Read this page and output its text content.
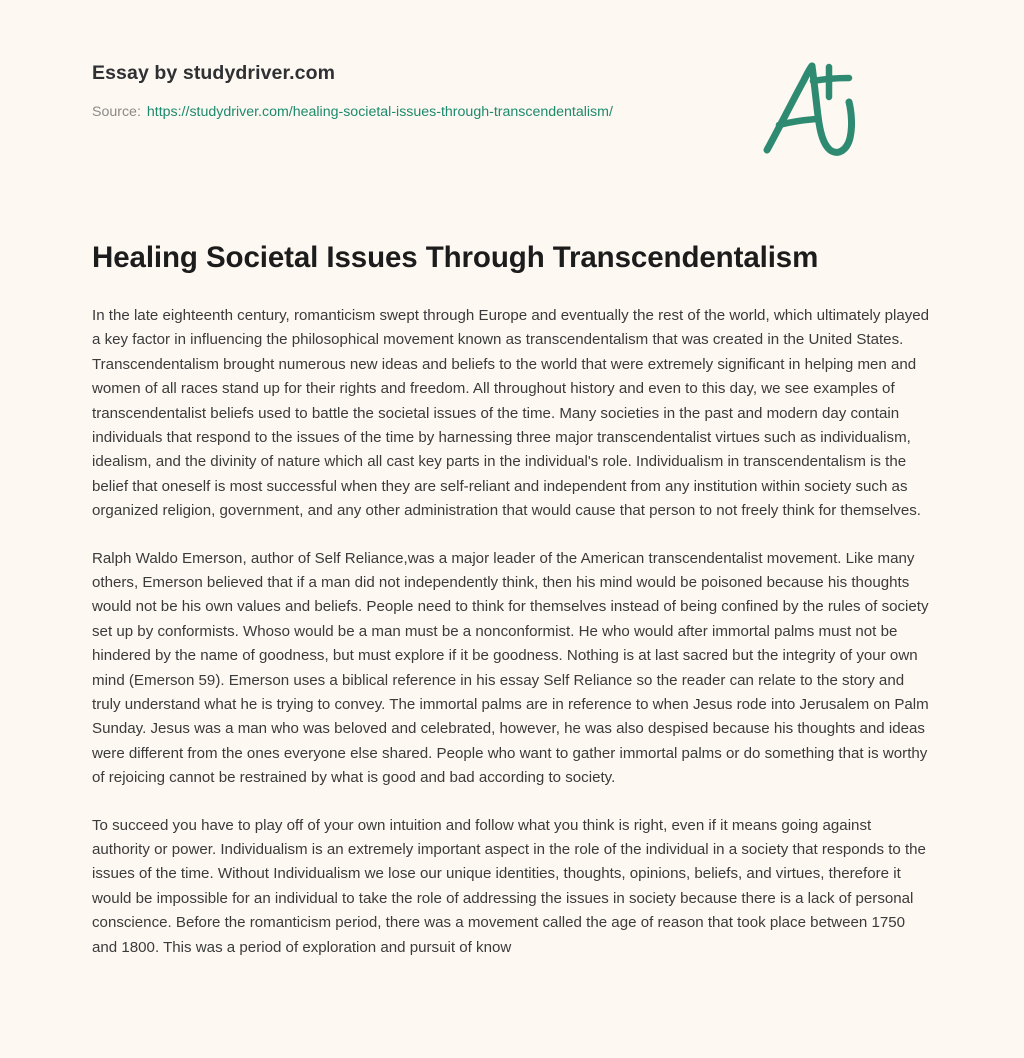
Essay by studydriver.com
Source: https://studydriver.com/healing-societal-issues-through-transcendentalism/
Healing Societal Issues Through Transcendentalism

In the late eighteenth century, romanticism swept through Europe and eventually the rest of the world, which ultimately played a key factor in influencing the philosophical movement known as transcendentalism that was created in the United States. Transcendentalism brought numerous new ideas and beliefs to the world that were extremely significant in helping men and women of all races stand up for their rights and freedom. All throughout history and even to this day, we see examples of transcendentalist beliefs used to battle the societal issues of the time. Many societies in the past and modern day contain individuals that respond to the issues of the time by harnessing three major transcendentalist virtues such as individualism, idealism, and the divinity of nature which all cast key parts in the individual's role. Individualism in transcendentalism is the belief that oneself is most successful when they are self-reliant and independent from any institution within society such as organized religion, government, and any other administration that would cause that person to not freely think for themselves.

Ralph Waldo Emerson, author of Self Reliance,was a major leader of the American transcendentalist movement. Like many others, Emerson believed that if a man did not independently think, then his mind would be poisoned because his thoughts would not be his own values and beliefs. People need to think for themselves instead of being confined by the rules of society set up by conformists. Whoso would be a man must be a nonconformist. He who would after immortal palms must not be hindered by the name of goodness, but must explore if it be goodness. Nothing is at last sacred but the integrity of your own mind (Emerson 59). Emerson uses a biblical reference in his essay Self Reliance so the reader can relate to the story and truly understand what he is trying to convey. The immortal palms are in reference to when Jesus rode into Jerusalem on Palm Sunday. Jesus was a man who was beloved and celebrated, however, he was also despised because his thoughts and ideas were different from the ones everyone else shared. People who want to gather immortal palms or do something that is worthy of rejoicing cannot be restrained by what is good and bad according to society.

To succeed you have to play off of your own intuition and follow what you think is right, even if it means going against authority or power. Individualism is an extremely important aspect in the role of the individual in a society that responds to the issues of the time. Without Individualism we lose our unique identities, thoughts, opinions, beliefs, and virtues, therefore it would be impossible for an individual to take the role of addressing the issues in society because there is a lack of personal conscience. Before the romanticism period, there was a movement called the age of reason that took place between 1750 and 1800. This was a period of exploration and pursuit of know
